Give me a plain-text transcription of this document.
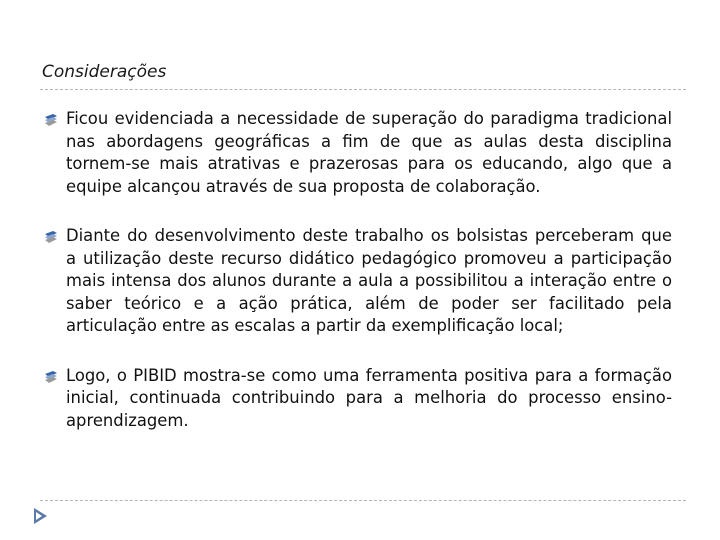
Considerações
Ficou evidenciada a necessidade de superação do paradigma tradicional nas abordagens geográficas a fim de que as aulas desta disciplina tornem-se mais atrativas e prazerosas para os educando, algo que a equipe alcançou através de sua proposta de colaboração.
Diante do desenvolvimento deste trabalho os bolsistas perceberam que a utilização deste recurso didático pedagógico promoveu a participação mais intensa dos alunos durante a aula a possibilitou a interação entre o saber teórico e a ação prática, além de poder ser facilitado pela articulação entre as escalas a partir da exemplificação local;
Logo, o PIBID mostra-se como uma ferramenta positiva para a formação inicial, continuada contribuindo para a melhoria do processo ensino- aprendizagem.
